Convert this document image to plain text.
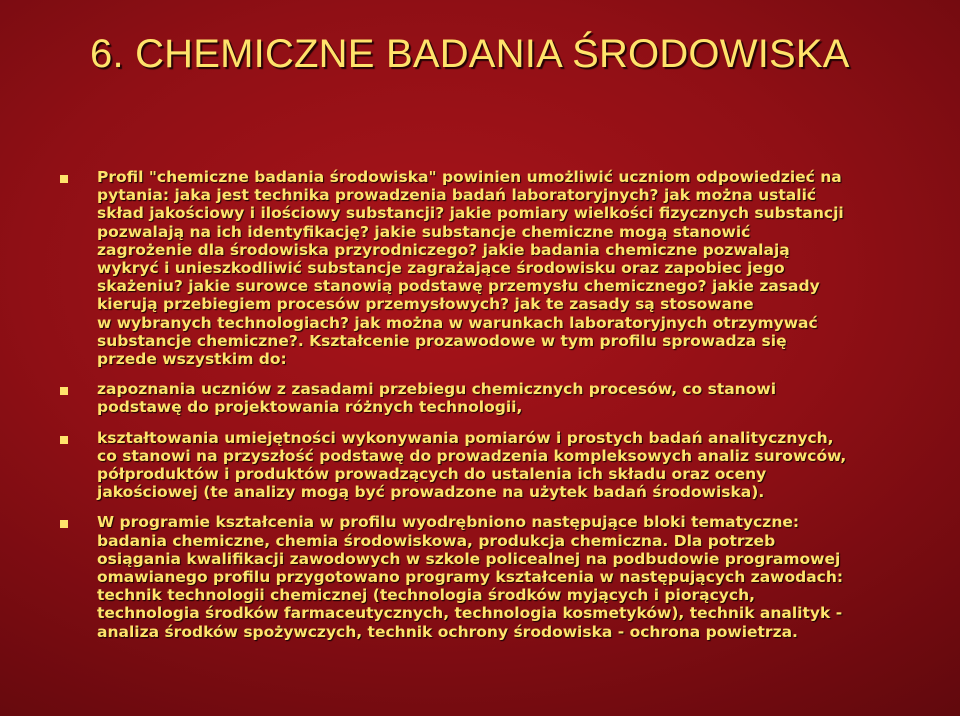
6. CHEMICZNE BADANIA ŚRODOWISKA
Profil "chemiczne badania środowiska" powinien umożliwić uczniom odpowiedzieć na
pytania: jaka jest technika prowadzenia badań laboratoryjnych? jak można ustalić
skład jakościowy i ilościowy substancji? jakie pomiary wielkości fizycznych substancji
pozwalają na ich identyfikację? jakie substancje chemiczne mogą stanowić
zagrożenie dla środowiska przyrodniczego? jakie badania chemiczne pozwalają
wykryć i unieszkodliwić substancje zagrażające środowisku oraz zapobiec jego
skażeniu? jakie surowce stanowią podstawę przemysłu chemicznego? jakie zasady
kierują przebiegiem procesów przemysłowych? jak te zasady są stosowane
w wybranych technologiach? jak można w warunkach laboratoryjnych otrzymywać
substancje chemiczne?. Kształcenie prozawodowe w tym profilu sprowadza się
przede wszystkim do:
zapoznania uczniów z zasadami przebiegu chemicznych procesów, co stanowi
podstawę do projektowania różnych technologii,
kształtowania umiejętności wykonywania pomiarów i prostych badań analitycznych,
co stanowi na przyszłość podstawę do prowadzenia kompleksowych analiz surowców,
półproduktów i produktów prowadzących do ustalenia ich składu oraz oceny
jakościowej (te analizy mogą być prowadzone na użytek badań środowiska).
W programie kształcenia w profilu wyodrębniono następujące bloki tematyczne:
badania chemiczne, chemia środowiskowa, produkcja chemiczna. Dla potrzeb
osiągania kwalifikacji zawodowych w szkole policealnej na podbudowie programowej
omawianego profilu przygotowano programy kształcenia w następujących zawodach:
technik technologii chemicznej (technologia środków myjących i piorących,
technologia środków farmaceutycznych, technologia kosmetyków), technik analityk -
analiza środków spożywczych, technik ochrony środowiska - ochrona powietrza.
